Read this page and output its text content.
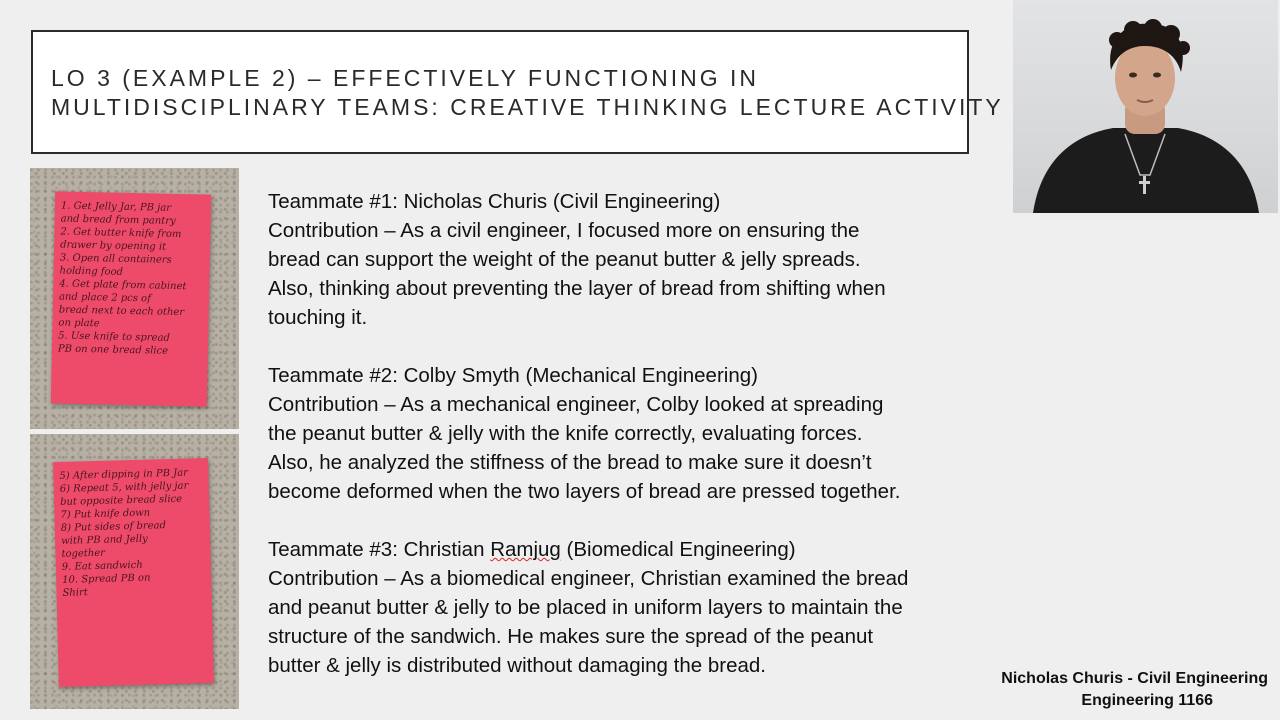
LO 3 (EXAMPLE 2) – EFFECTIVELY FUNCTIONING IN
MULTIDISCIPLINARY TEAMS: CREATIVE THINKING LECTURE ACTIVITY
1. Get Jelly Jar, PB jar
and bread from pantry
2. Get butter knife from
drawer by opening it
3. Open all containers
holding food
4. Get plate from cabinet
and place 2 pcs of
bread next to each other
on plate
5. Use knife to spread
PB on one bread slice
5) After dipping in PB Jar
6) Repeat 5, with jelly jar
but opposite bread slice
7) Put knife down
8) Put sides of bread
with PB and Jelly
together
9. Eat sandwich
10. Spread PB on
Shirt
Teammate #1: Nicholas Churis (Civil Engineering)
Contribution – As a civil engineer, I focused more on ensuring the
bread can support the weight of the peanut butter & jelly spreads.
Also, thinking about preventing the layer of bread from shifting when
touching it.
Teammate #2: Colby Smyth (Mechanical Engineering)
Contribution – As a mechanical engineer, Colby looked at spreading
the peanut butter & jelly with the knife correctly, evaluating forces.
Also, he analyzed the stiffness of the bread to make sure it doesn’t
become deformed when the two layers of bread are pressed together.
Teammate #3: Christian Ramjug (Biomedical Engineering)
Contribution – As a biomedical engineer, Christian examined the bread
and peanut butter & jelly to be placed in uniform layers to maintain the
structure of the sandwich. He makes sure the spread of the peanut
butter & jelly is distributed without damaging the bread.
Nicholas Churis - Civil Engineering
Engineering 1166
